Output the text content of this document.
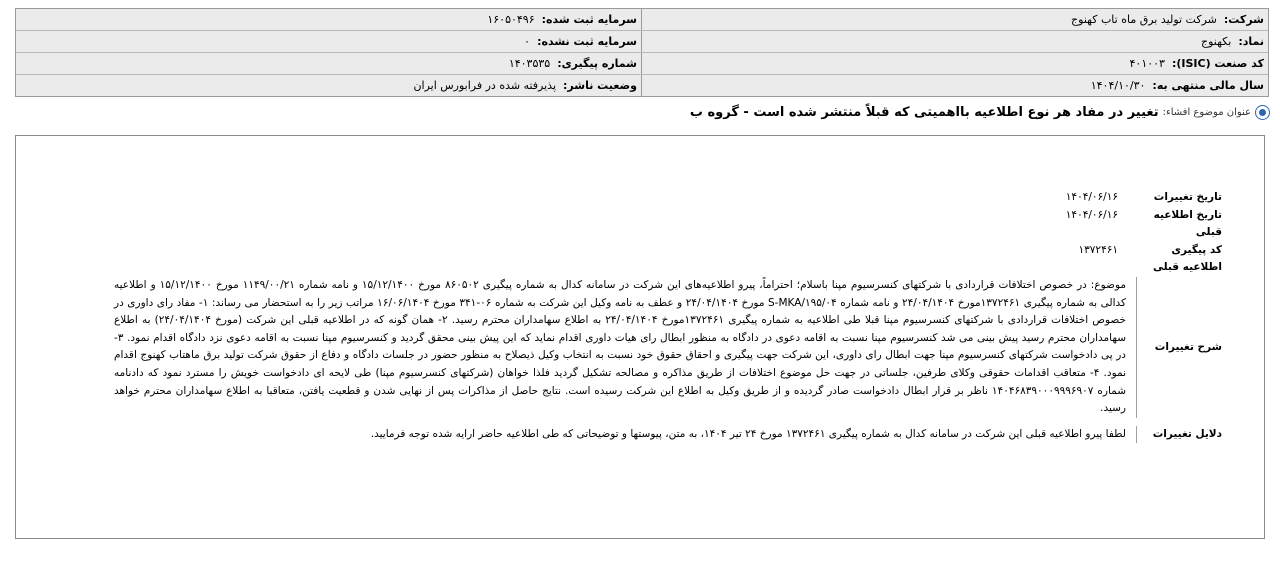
شرکت:  شرکت تولید برق ماه تاب کهنوج
سرمایه ثبت شده:  ۱۶۰۵۰۴۹۶
نماد:  بکهنوج
سرمایه ثبت نشده:  ۰
کد صنعت (ISIC):  ۴۰۱۰۰۳
شماره پیگیری:  ۱۴۰۳۵۳۵
سال مالی منتهی به:  ۱۴۰۴/۱۰/۳۰
وضعیت ناشر:  پذیرفته شده در فرابورس ایران
عنوان موضوع افشاء:
تغییر در مفاد هر نوع اطلاعیه بااهمیتی که قبلاً منتشر شده است - گروه ب
تاریخ تغییرات
۱۴۰۴/۰۶/۱۶
تاریخ اطلاعیه قبلی
۱۴۰۴/۰۶/۱۶
کد پیگیری اطلاعیه قبلی
۱۳۷۲۴۶۱
شرح تغییرات
موضوع: در خصوص اختلافات قراردادی با شرکتهای کنسرسیوم مپنا باسلام؛ احتراماً، پیرو اطلاعیه‌های این شرکت در سامانه کدال به شماره پیگیری ۸۶۰۵۰۲ مورخ ۱۵/۱۲/۱۴۰۰ و نامه شماره ۱۱۴۹/۰۰/۲۱ مورخ ۱۵/۱۲/۱۴۰۰ و اطلاعیه کدالی به شماره پیگیری ۱۳۷۲۴۶۱مورخ ۲۴/۰۴/۱۴۰۴ و نامه شماره S-MKA/۱۹۵/۰۴ مورخ ۲۴/۰۴/۱۴۰۴ و عطف به نامه وکیل این شرکت به شماره ۰۶-۳۴۱ مورخ ۱۶/۰۶/۱۴۰۴ مراتب زیر را به استحضار می رساند: ۱- مفاد رای داوری در خصوص اختلافات قراردادی با شرکتهای کنسرسیوم مپنا قبلا طی اطلاعیه به شماره پیگیری ۱۳۷۲۴۶۱مورخ ۲۴/۰۴/۱۴۰۴ به اطلاع سهامداران محترم رسید. ۲- همان گونه که در اطلاعیه قبلی این شرکت (مورخ ۲۴/۰۴/۱۴۰۴) به اطلاع سهامداران محترم رسید پیش بینی می شد کنسرسیوم مپنا نسبت به اقامه دعوی در دادگاه به منظور ابطال رای هیات داوری اقدام نماید که این پیش بینی محقق گردید و کنسرسیوم مپنا نسبت به اقامه دعوی نزد دادگاه اقدام نمود. ۳- در پی دادخواست شرکتهای کنسرسیوم مپنا جهت ابطال رای داوری، این شرکت جهت پیگیری و احقاق حقوق خود نسبت به انتخاب وکیل ذیصلاح به منظور حضور در جلسات دادگاه و دفاع از حقوق شرکت تولید برق ماهتاب کهنوج اقدام نمود. ۴- متعاقب اقدامات حقوقی وکلای طرفین، جلساتی در جهت حل موضوع اختلافات از طریق مذاکره و مصالحه تشکیل گردید فلذا خواهان (شرکتهای کنسرسیوم مپنا) طی لایحه ای دادخواست خویش را مسترد نمود که دادنامه شماره ۱۴۰۴۶۸۳۹۰۰۰۹۹۹۶۹۰۷ ناظر بر قرار ابطال دادخواست صادر گردیده و از طریق وکیل به اطلاع این شرکت رسیده است. نتایج حاصل از مذاکرات پس از نهایی شدن و قطعیت یافتن، متعاقبا به اطلاع سهامداران محترم خواهد رسید.
دلایل تغییرات
لطفا پیرو اطلاعیه قبلی این شرکت در سامانه کدال به شماره پیگیری ۱۳۷۲۴۶۱ مورخ ۲۴ تیر ۱۴۰۴، به متن، پیوستها و توضیحاتی که طی اطلاعیه حاضر ارایه شده توجه فرمایید.
